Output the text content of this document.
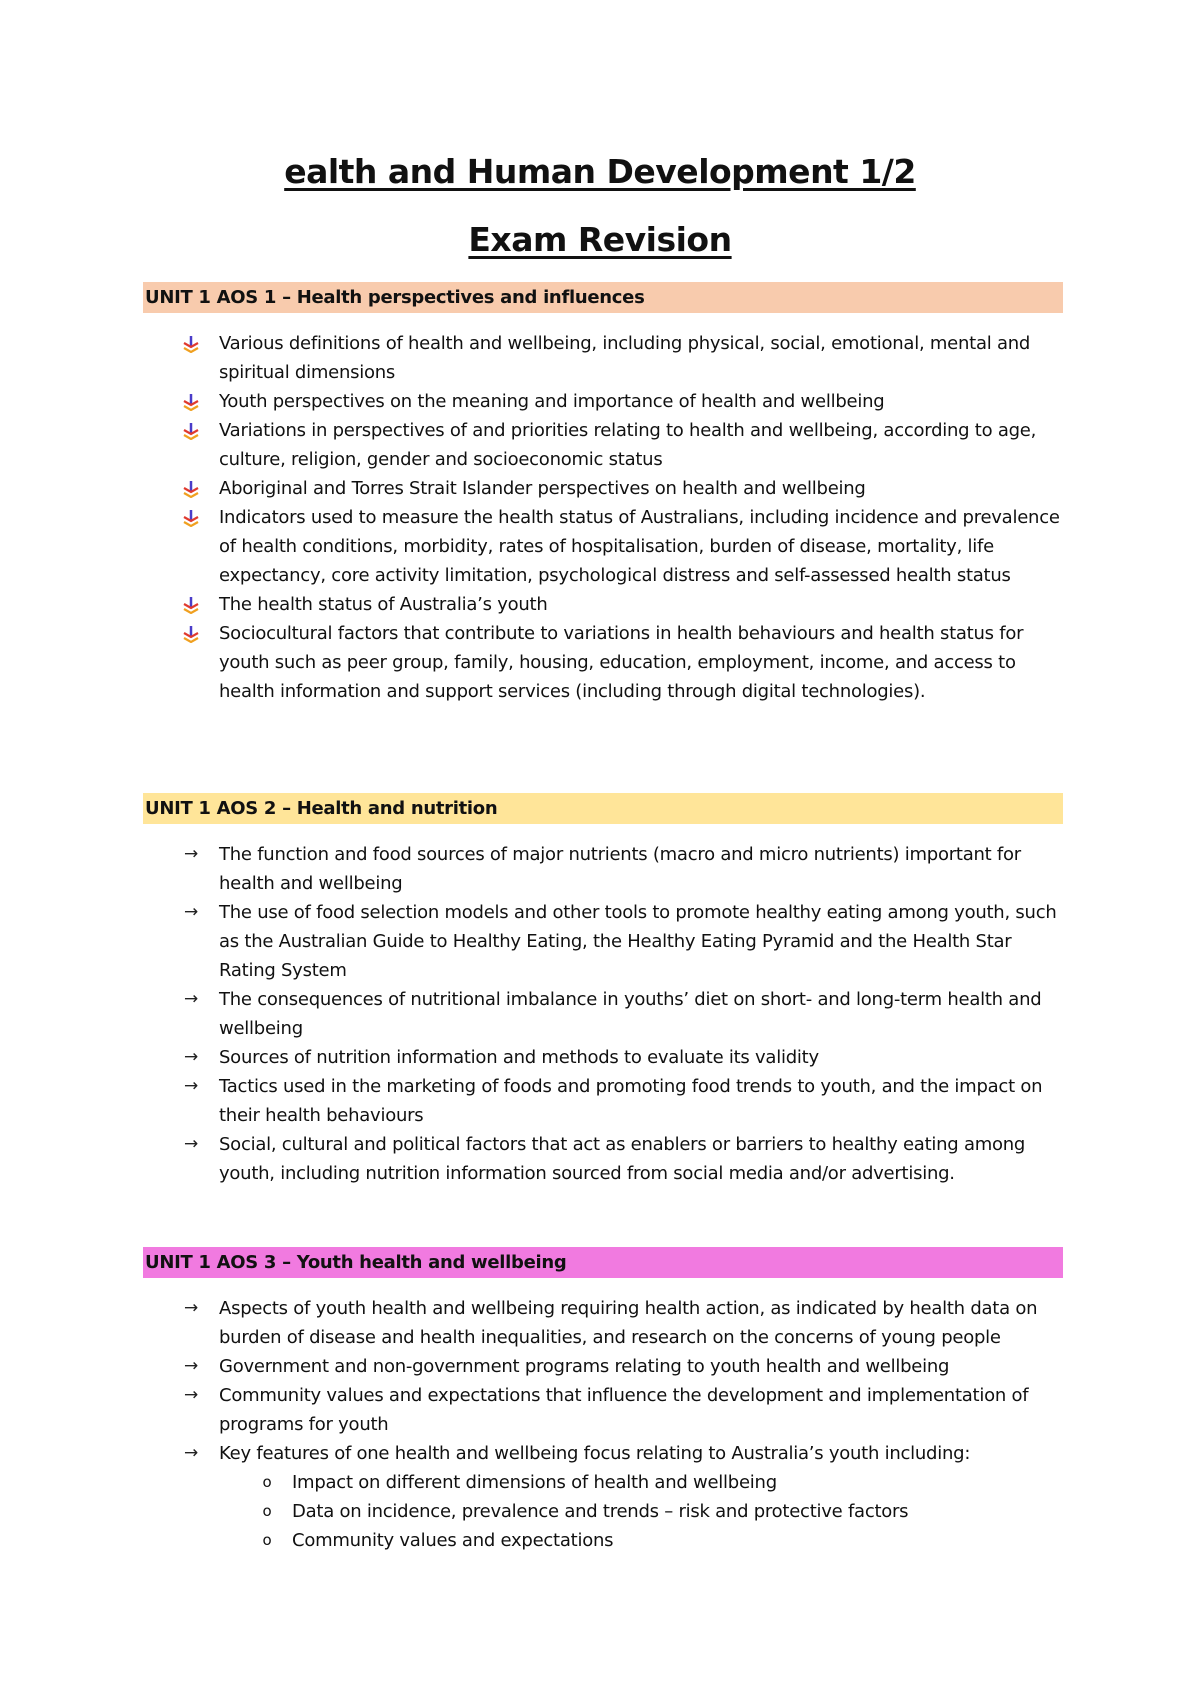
ealth and Human Development 1/2
Exam Revision
UNIT 1 AOS 1 – Health perspectives and influences
Various definitions of health and wellbeing, including physical, social, emotional, mental and spiritual dimensions
Youth perspectives on the meaning and importance of health and wellbeing
Variations in perspectives of and priorities relating to health and wellbeing, according to age, culture, religion, gender and socioeconomic status
Aboriginal and Torres Strait Islander perspectives on health and wellbeing
Indicators used to measure the health status of Australians, including incidence and prevalence of health conditions, morbidity, rates of hospitalisation, burden of disease, mortality, life expectancy, core activity limitation, psychological distress and self-assessed health status
The health status of Australia’s youth
Sociocultural factors that contribute to variations in health behaviours and health status for youth such as peer group, family, housing, education, employment, income, and access to health information and support services (including through digital technologies).
UNIT 1 AOS 2 – Health and nutrition
→ The function and food sources of major nutrients (macro and micro nutrients) important for health and wellbeing
→ The use of food selection models and other tools to promote healthy eating among youth, such as the Australian Guide to Healthy Eating, the Healthy Eating Pyramid and the Health Star Rating System
→ The consequences of nutritional imbalance in youths’ diet on short- and long-term health and wellbeing
→ Sources of nutrition information and methods to evaluate its validity
→ Tactics used in the marketing of foods and promoting food trends to youth, and the impact on their health behaviours
→ Social, cultural and political factors that act as enablers or barriers to healthy eating among youth, including nutrition information sourced from social media and/or advertising.
UNIT 1 AOS 3 – Youth health and wellbeing
→ Aspects of youth health and wellbeing requiring health action, as indicated by health data on burden of disease and health inequalities, and research on the concerns of young people
→ Government and non-government programs relating to youth health and wellbeing
→ Community values and expectations that influence the development and implementation of programs for youth
→ Key features of one health and wellbeing focus relating to Australia’s youth including:
o	Impact on different dimensions of health and wellbeing
o	Data on incidence, prevalence and trends – risk and protective factors
o	Community values and expectations
